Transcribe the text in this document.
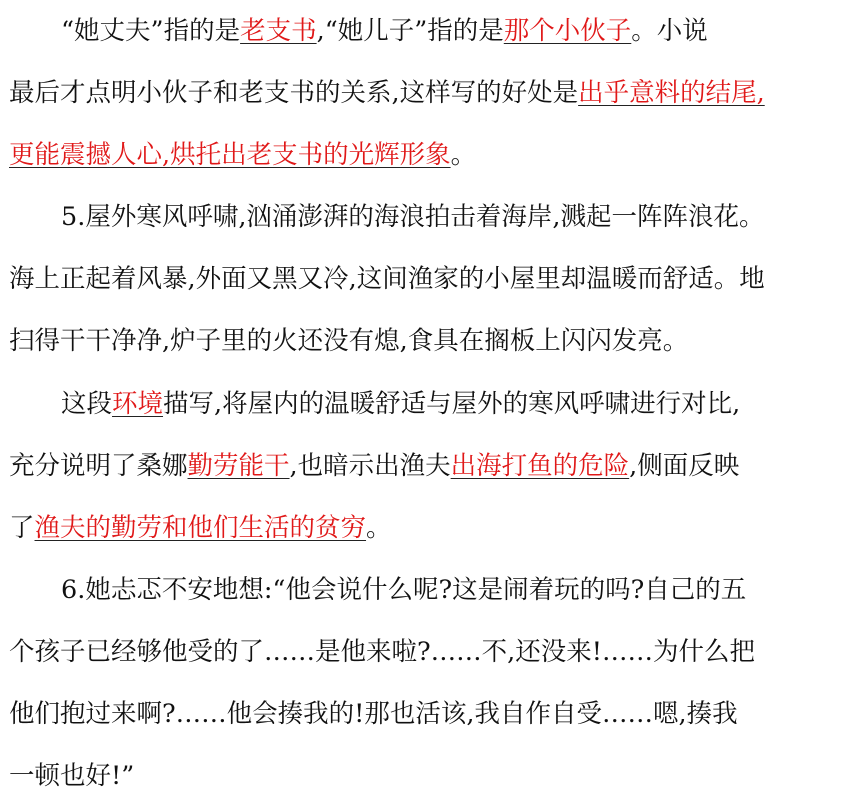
“她丈夫”指的是老支书,“她儿子”指的是那个小伙子。小说
最后才点明小伙子和老支书的关系,这样写的好处是出乎意料的结尾,
更能震撼人心,烘托出老支书的光辉形象。
5.屋外寒风呼啸,汹涌澎湃的海浪拍击着海岸,溅起一阵阵浪花。
海上正起着风暴,外面又黑又冷,这间渔家的小屋里却温暖而舒适。地
扫得干干净净,炉子里的火还没有熄,食具在搁板上闪闪发亮。
这段环境描写,将屋内的温暖舒适与屋外的寒风呼啸进行对比,
充分说明了桑娜勤劳能干,也暗示出渔夫出海打鱼的危险,侧面反映
了渔夫的勤劳和他们生活的贫穷。
6.她忐忑不安地想:“他会说什么呢?这是闹着玩的吗?自己的五
个孩子已经够他受的了……是他来啦?……不,还没来!……为什么把
他们抱过来啊?……他会揍我的!那也活该,我自作自受……嗯,揍我
一顿也好!”
